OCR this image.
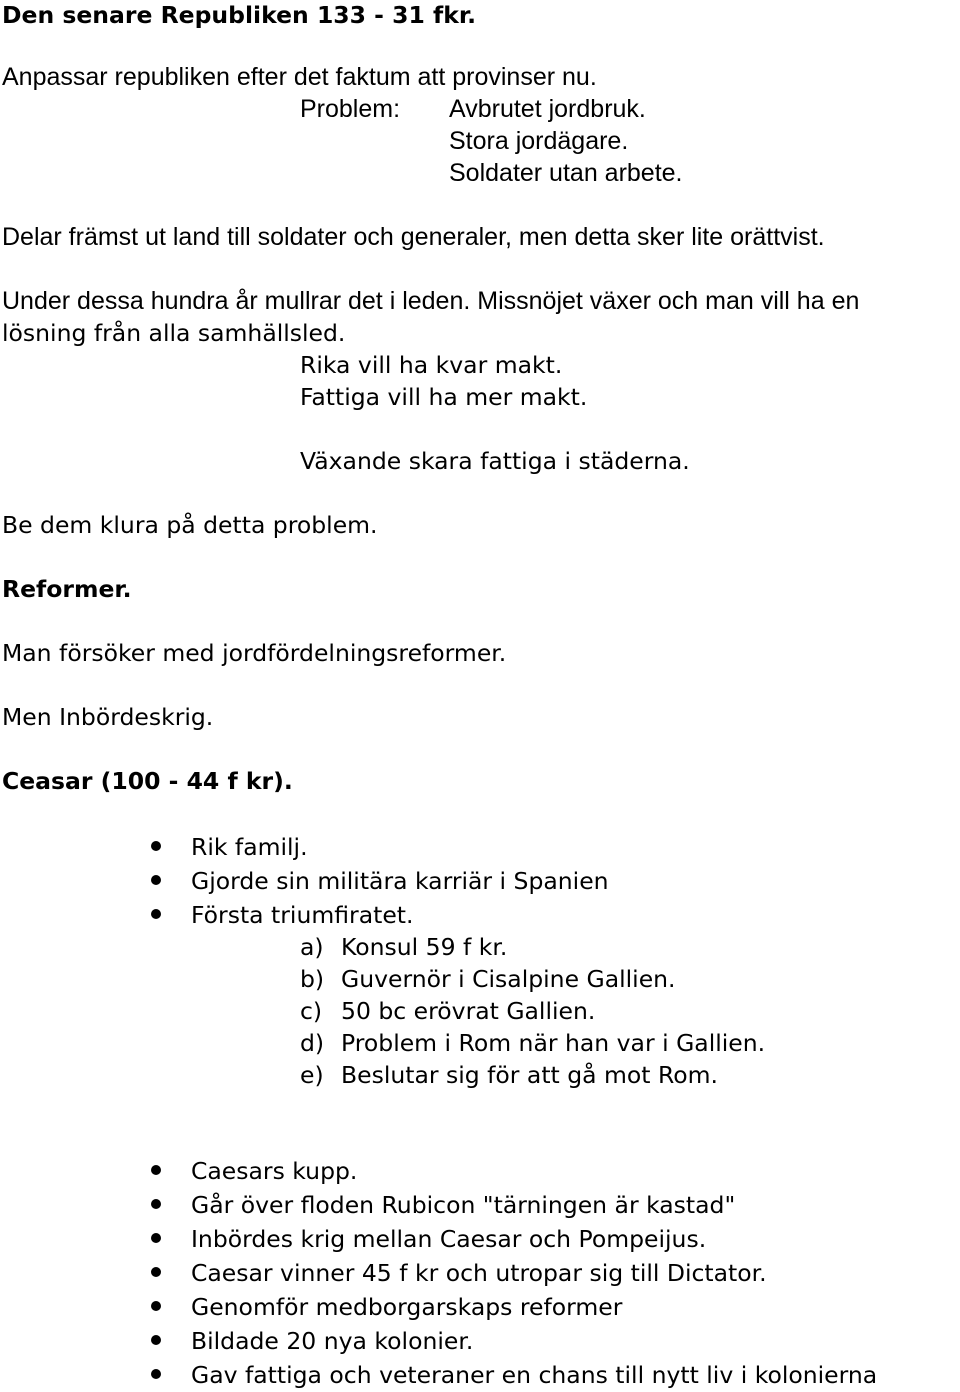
Den senare Republiken 133 - 31 fkr.
Anpassar republiken efter det faktum att provinser nu.
Problem: Avbrutet jordbruk.
Stora jordägare.
Soldater utan arbete.
Delar främst ut land till soldater och generaler, men detta sker lite orättvist.
Under dessa hundra år mullrar det i leden. Missnöjet växer och man vill ha en
lösning från alla samhällsled.
Rika vill ha kvar makt.
Fattiga vill ha mer makt.
Växande skara fattiga i städerna.
Be dem klura på detta problem.
Reformer.
Man försöker med jordfördelningsreformer.
Men Inbördeskrig.
Ceasar (100 - 44 f kr).
Rik familj.
Gjorde sin militära karriär i Spanien
Första triumfiratet.
a) Konsul 59 f kr.
b) Guvernör i Cisalpine Gallien.
c) 50 bc erövrat Gallien.
d) Problem i Rom när han var i Gallien.
e) Beslutar sig för att gå mot Rom.
Caesars kupp.
Går över floden Rubicon "tärningen är kastad"
Inbördes krig mellan Caesar och Pompeijus.
Caesar vinner 45 f kr och utropar sig till Dictator.
Genomför medborgarskaps reformer
Bildade 20 nya kolonier.
Gav fattiga och veteraner en chans till nytt liv i kolonierna
